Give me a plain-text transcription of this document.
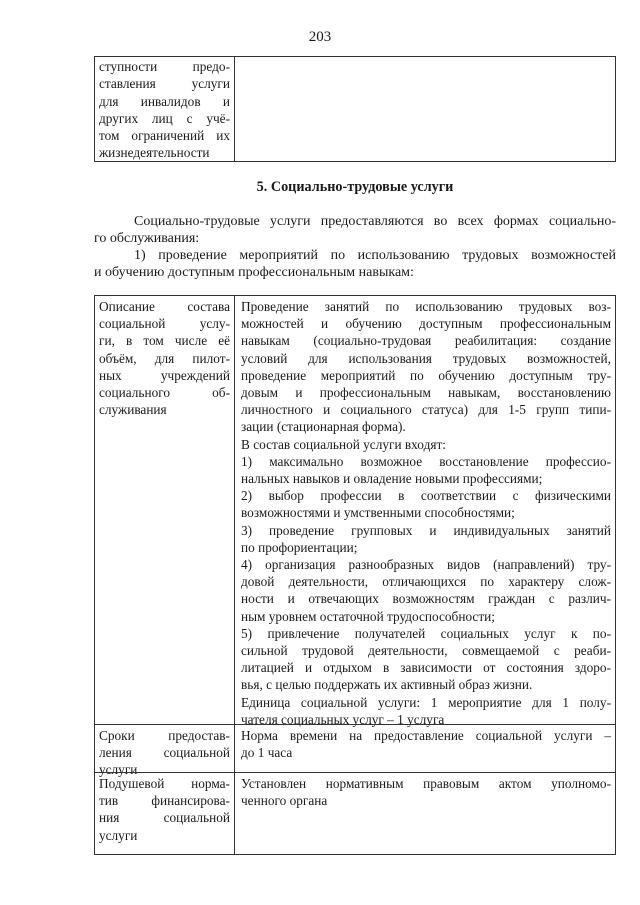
203
ступности предо-
ставления услуги
для инвалидов и
других лиц с учё-
том ограничений их
жизнедеятельности
5. Социально-трудовые услуги
Социально-трудовые услуги предоставляются во всех формах социально-
го обслуживания:
1) проведение мероприятий по использованию трудовых возможностей
и обучению доступным профессиональным навыкам:
Описание состава
социальной услу-
ги, в том числе её
объём, для пилот-
ных учреждений
социального об-
служивания
Проведение занятий по использованию трудовых воз-
можностей и обучению доступным профессиональным
навыкам (социально-трудовая реабилитация: создание
условий для использования трудовых возможностей,
проведение мероприятий по обучению доступным тру-
довым и профессиональным навыкам, восстановлению
личностного и социального статуса) для 1-5 групп типи-
зации (стационарная форма).
В состав социальной услуги входят:
1) максимально возможное восстановление профессио-
нальных навыков и овладение новыми профессиями;
2) выбор профессии в соответствии с физическими
возможностями и умственными способностями;
3) проведение групповых и индивидуальных занятий
по профориентации;
4) организация разнообразных видов (направлений) тру-
довой деятельности, отличающихся по характеру слож-
ности и отвечающих возможностям граждан с различ-
ным уровнем остаточной трудоспособности;
5) привлечение получателей социальных услуг к по-
сильной трудовой деятельности, совмещаемой с реаби-
литацией и отдыхом в зависимости от состояния здоро-
вья, с целью поддержать их активный образ жизни.
Единица социальной услуги: 1 мероприятие для 1 полу-
чателя социальных услуг – 1 услуга
Сроки предостав-
ления социальной
услуги
Норма времени на предоставление социальной услуги –
до 1 часа
Подушевой норма-
тив финансирова-
ния социальной
услуги
Установлен нормативным правовым актом уполномо-
ченного органа
